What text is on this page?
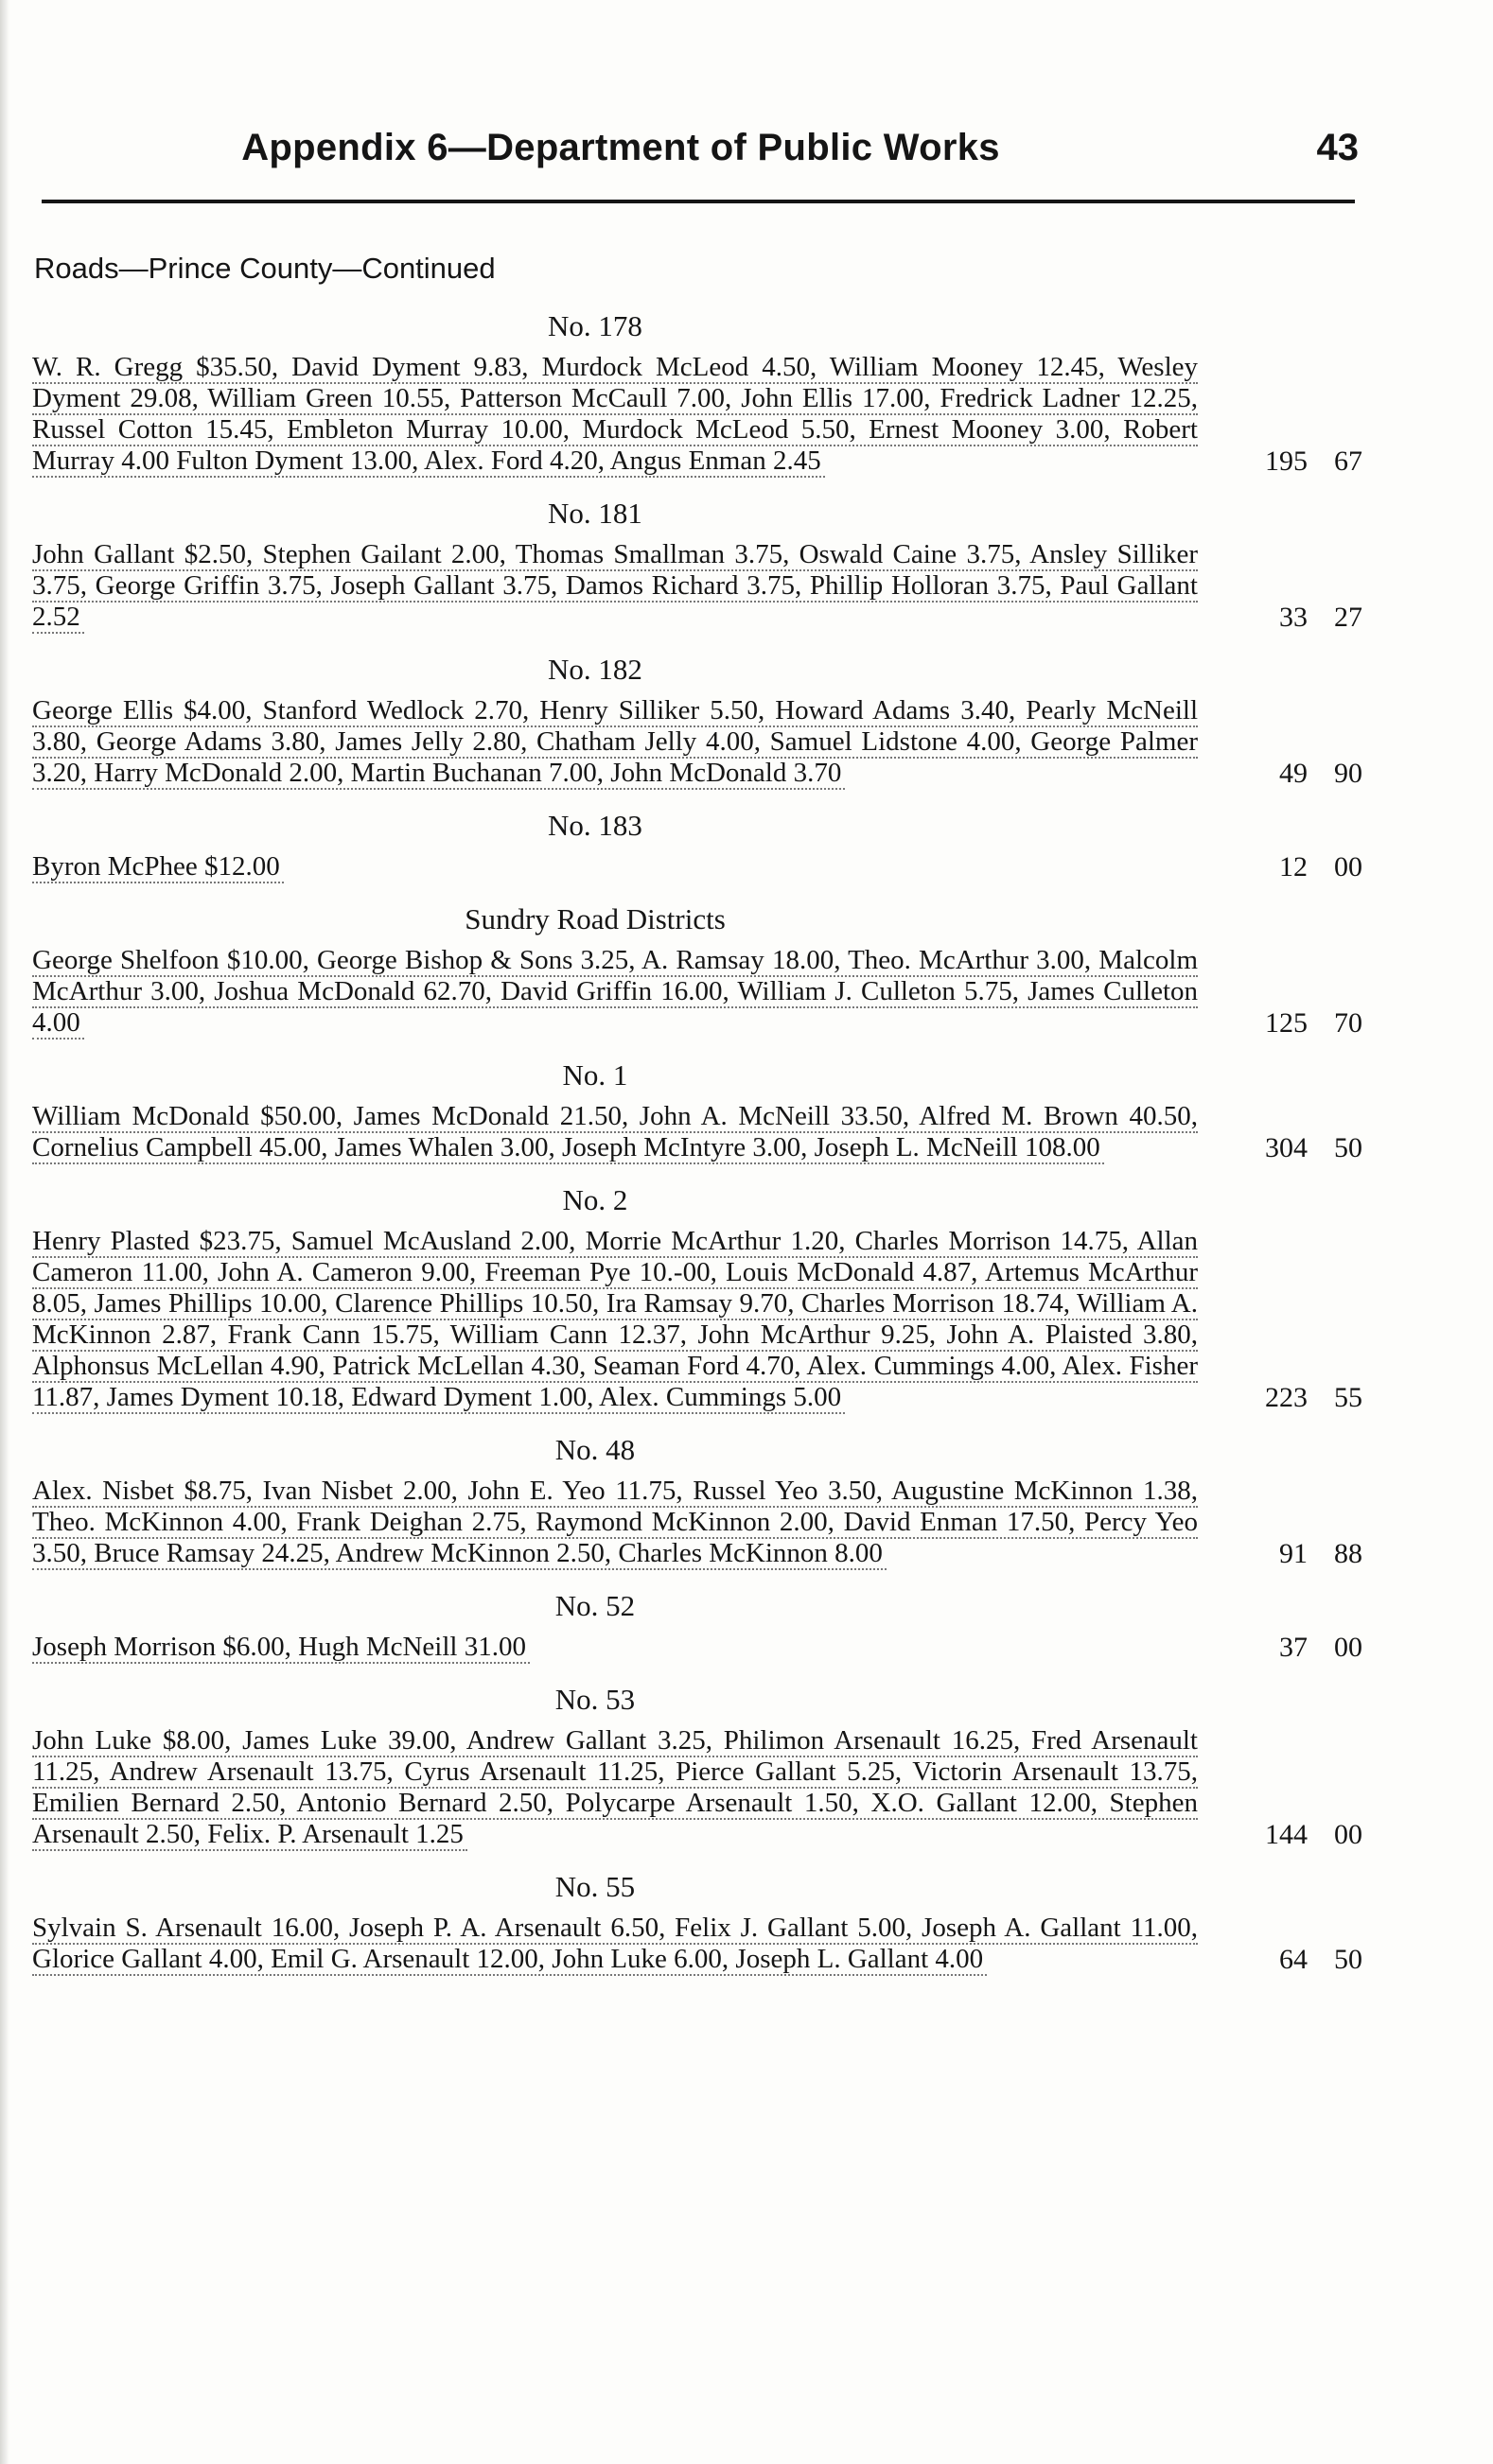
Appendix 6—Department of Public Works	43
Roads—Prince County—Continued
No. 178
W. R. Gregg $35.50, David Dyment 9.83, Murdock McLeod 4.50, William Mooney 12.45, Wesley Dyment 29.08, William Green 10.55, Patterson McCaull 7.00, John Ellis 17.00, Fredrick Ladner 12.25, Russel Cotton 15.45, Embleton Murray 10.00, Murdock McLeod 5.50, Ernest Mooney 3.00, Robert Murray 4.00 Fulton Dyment 13.00, Alex. Ford 4.20, Angus Enman 2.45	195 67
No. 181
John Gallant $2.50, Stephen Gailant 2.00, Thomas Smallman 3.75, Oswald Caine 3.75, Ansley Silliker 3.75, George Griffin 3.75, Joseph Gallant 3.75, Damos Richard 3.75, Phillip Holloran 3.75, Paul Gallant 2.52	33 27
No. 182
George Ellis $4.00, Stanford Wedlock 2.70, Henry Silliker 5.50, Howard Adams 3.40, Pearly McNeill 3.80, George Adams 3.80, James Jelly 2.80, Chatham Jelly 4.00, Samuel Lidstone 4.00, George Palmer 3.20, Harry McDonald 2.00, Martin Buchanan 7.00, John McDonald 3.70	49 90
No. 183
Byron McPhee $12.00	12 00
Sundry Road Districts
George Shelfoon $10.00, George Bishop & Sons 3.25, A. Ramsay 18.00, Theo. McArthur 3.00, Malcolm McArthur 3.00, Joshua McDonald 62.70, David Griffin 16.00, William J. Culleton 5.75, James Culleton 4.00	125 70
No. 1
William McDonald $50.00, James McDonald 21.50, John A. McNeill 33.50, Alfred M. Brown 40.50, Cornelius Campbell 45.00, James Whalen 3.00, Joseph McIntyre 3.00, Joseph L. McNeill 108.00	304 50
No. 2
Henry Plasted $23.75, Samuel McAusland 2.00, Morrie McArthur 1.20, Charles Morrison 14.75, Allan Cameron 11.00, John A. Cameron 9.00, Freeman Pye 10.-00, Louis McDonald 4.87, Artemus McArthur 8.05, James Phillips 10.00, Clarence Phillips 10.50, Ira Ramsay 9.70, Charles Morrison 18.74, William A. McKinnon 2.87, Frank Cann 15.75, William Cann 12.37, John McArthur 9.25, John A. Plaisted 3.80, Alphonsus McLellan 4.90, Patrick McLellan 4.30, Seaman Ford 4.70, Alex. Cummings 4.00, Alex. Fisher 11.87, James Dyment 10.18, Edward Dyment 1.00, Alex. Cummings 5.00	223 55
No. 48
Alex. Nisbet $8.75, Ivan Nisbet 2.00, John E. Yeo 11.75, Russel Yeo 3.50, Augustine McKinnon 1.38, Theo. McKinnon 4.00, Frank Deighan 2.75, Raymond McKinnon 2.00, David Enman 17.50, Percy Yeo 3.50, Bruce Ramsay 24.25, Andrew McKinnon 2.50, Charles McKinnon 8.00	91 88
No. 52
Joseph Morrison $6.00, Hugh McNeill 31.00	37 00
No. 53
John Luke $8.00, James Luke 39.00, Andrew Gallant 3.25, Philimon Arsenault 16.25, Fred Arsenault 11.25, Andrew Arsenault 13.75, Cyrus Arsenault 11.25, Pierce Gallant 5.25, Victorin Arsenault 13.75, Emilien Bernard 2.50, Antonio Bernard 2.50, Polycarpe Arsenault 1.50, X.O. Gallant 12.00, Stephen Arsenault 2.50, Felix. P. Arsenault 1.25	144 00
No. 55
Sylvain S. Arsenault 16.00, Joseph P. A. Arsenault 6.50, Felix J. Gallant 5.00, Joseph A. Gallant 11.00, Glorice Gallant 4.00, Emil G. Arsenault 12.00, John Luke 6.00, Joseph L. Gallant 4.00	64 50
